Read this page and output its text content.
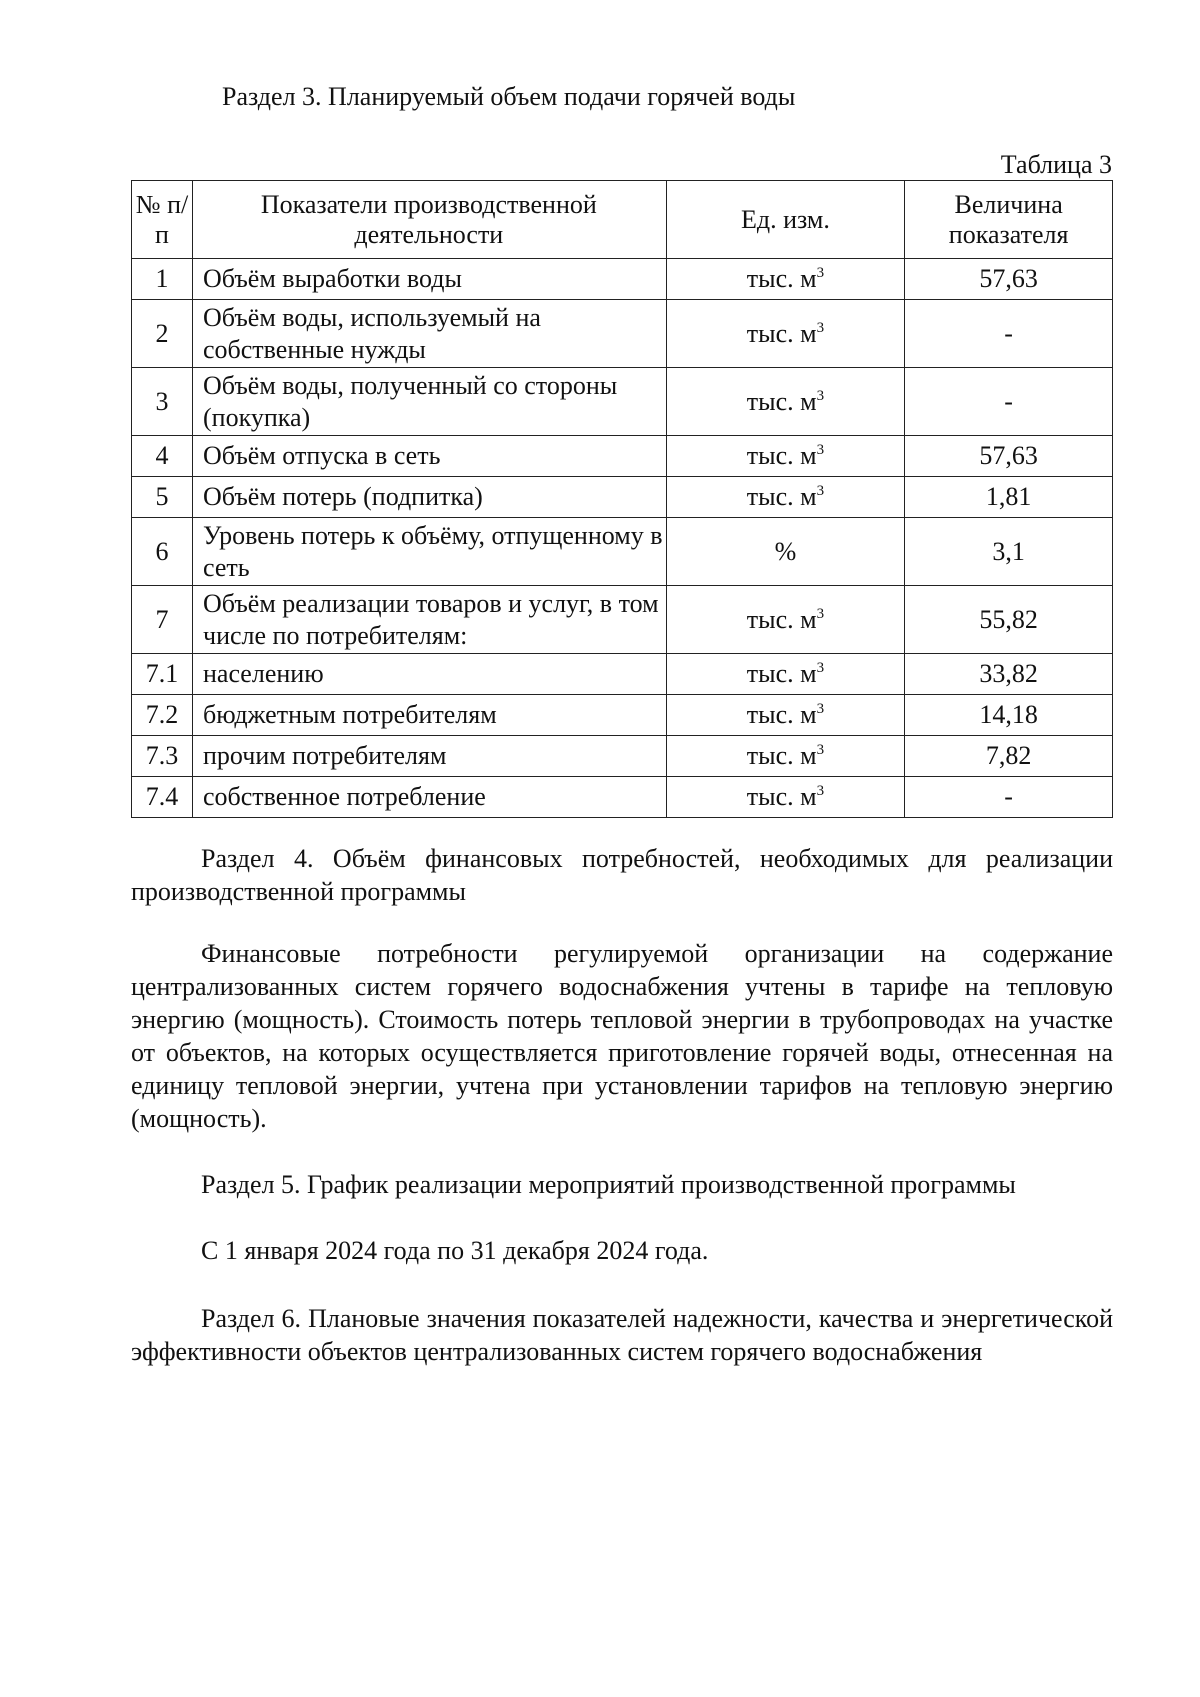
Раздел 3. Планируемый объем подачи горячей воды
Таблица 3
№ п/п	Показатели производственной деятельности	Ед. изм.	Величина показателя
1	Объём выработки воды	тыс. $м^3$	57,63
2	Объём воды, используемый на собственные нужды	тыс. $м^3$	-
3	Объём воды, полученный со стороны (покупка)	тыс. $м^3$	-
4	Объём отпуска в сеть	тыс. $м^3$	57,63
5	Объём потерь (подпитка)	тыс. $м^3$	1,81
6	Уровень потерь к объёму, отпущенному в сеть	%	3,1
7	Объём реализации товаров и услуг, в том числе по потребителям:	тыс. $м^3$	55,82
7.1	населению	тыс. $м^3$	33,82
7.2	бюджетным потребителям	тыс. $м^3$	14,18
7.3	прочим потребителям	тыс. $м^3$	7,82
7.4	собственное потребление	тыс. $м^3$	-
Раздел 4. Объём финансовых потребностей, необходимых для реализации производственной программы
Финансовые потребности регулируемой организации на содержание централизованных систем горячего водоснабжения учтены в тарифе на тепловую энергию (мощность). Стоимость потерь тепловой энергии в трубопроводах на участке от объектов, на которых осуществляется приготовление горячей воды, отнесенная на единицу тепловой энергии, учтена при установлении тарифов на тепловую энергию (мощность).
Раздел 5. График реализации мероприятий производственной программы
С 1 января 2024 года по 31 декабря 2024 года.
Раздел 6. Плановые значения показателей надежности, качества и энергетической эффективности объектов централизованных систем горячего водоснабжения
